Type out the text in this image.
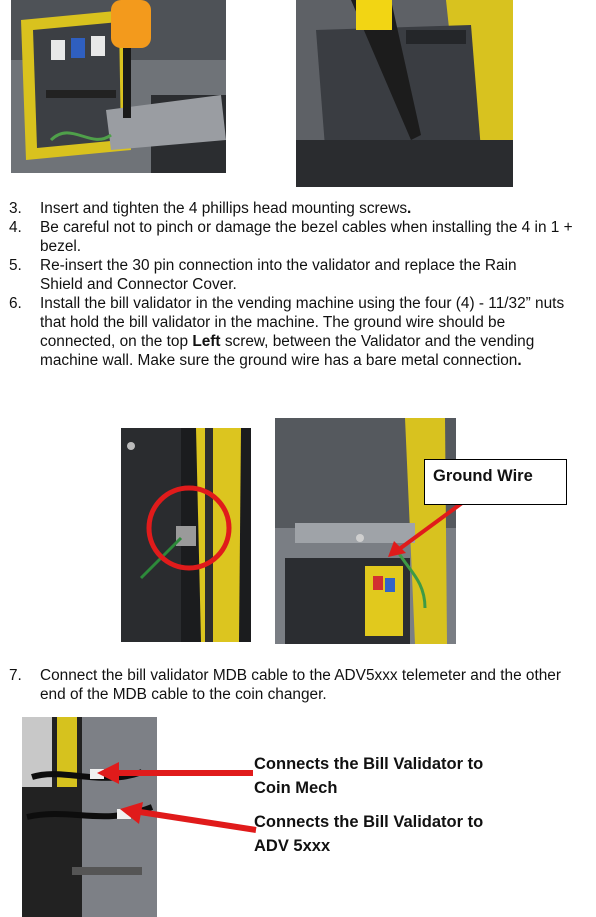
3. Insert and tighten the 4 phillips head mounting screws.
4. Be careful not to pinch or damage the bezel cables when installing the 4 in 1 + bezel.
5. Re-insert the 30 pin connection into the validator and replace the Rain Shield and Connector Cover.
6. Install the bill validator in the vending machine using the four (4) - 11/32” nuts that hold the bill validator in the machine. The ground wire should be connected, on the top Left screw, between the Validator and the vending machine wall. Make sure the ground wire has a bare metal connection.
Ground Wire
7. Connect the bill validator MDB cable to the ADV5xxx telemeter and the other end of the MDB cable to the coin changer.
Connects the Bill Validator to Coin Mech
Connects the Bill Validator to ADV 5xxx
